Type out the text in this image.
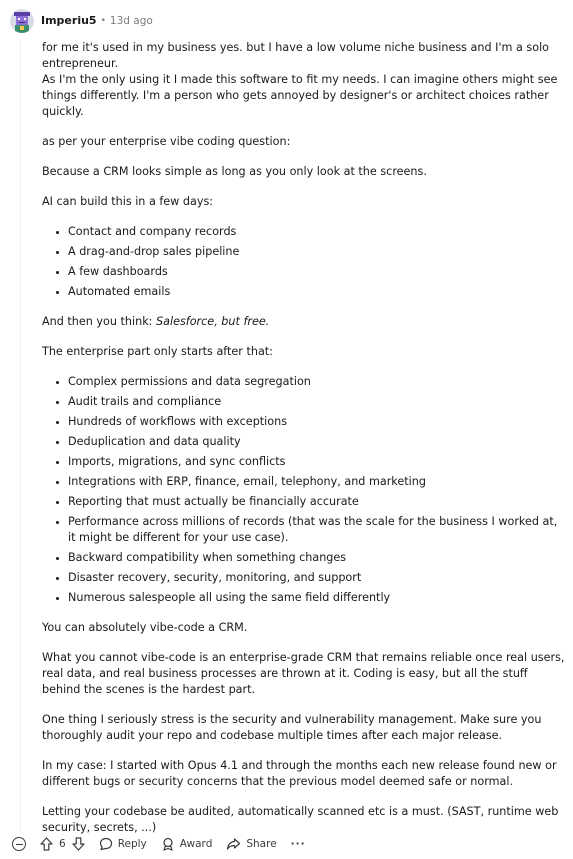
Imperiu5 • 13d ago

for me it's used in my business yes. but I have a low volume niche business and I'm a solo entrepreneur.
As I'm the only using it I made this software to fit my needs. I can imagine others might see things differently. I'm a person who gets annoyed by designer's or architect choices rather quickly.

as per your enterprise vibe coding question:

Because a CRM looks simple as long as you only look at the screens.

AI can build this in a few days:

• Contact and company records
• A drag-and-drop sales pipeline
• A few dashboards
• Automated emails

And then you think: Salesforce, but free.

The enterprise part only starts after that:

• Complex permissions and data segregation
• Audit trails and compliance
• Hundreds of workflows with exceptions
• Deduplication and data quality
• Imports, migrations, and sync conflicts
• Integrations with ERP, finance, email, telephony, and marketing
• Reporting that must actually be financially accurate
• Performance across millions of records (that was the scale for the business I worked at, it might be different for your use case).
• Backward compatibility when something changes
• Disaster recovery, security, monitoring, and support
• Numerous salespeople all using the same field differently

You can absolutely vibe-code a CRM.

What you cannot vibe-code is an enterprise-grade CRM that remains reliable once real users, real data, and real business processes are thrown at it. Coding is easy, but all the stuff behind the scenes is the hardest part.

One thing I seriously stress is the security and vulnerability management. Make sure you thoroughly audit your repo and codebase multiple times after each major release.

In my case: I started with Opus 4.1 and through the months each new release found new or different bugs or security concerns that the previous model deemed safe or normal.

Letting your codebase be audited, automatically scanned etc is a must. (SAST, runtime web security, secrets, ...)

6	Reply	Award	Share ···
